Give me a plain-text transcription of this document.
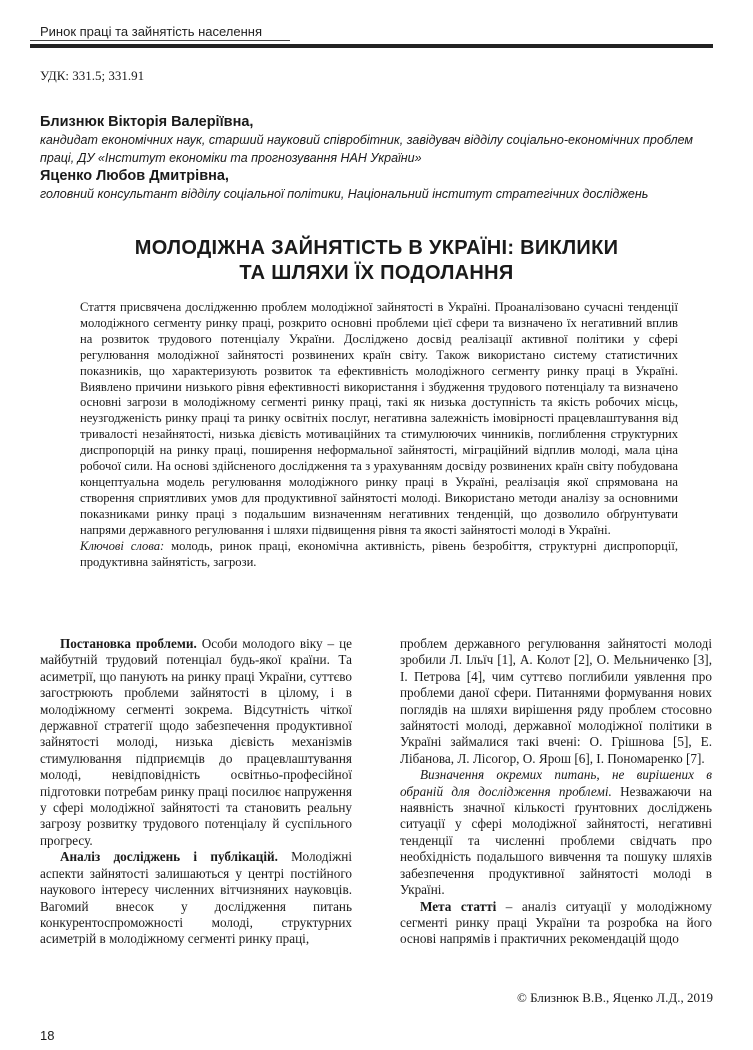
Ринок праці та зайнятість населення
УДК: 331.5; 331.91
Близнюк Вікторія Валеріївна,
кандидат економічних наук, старший науковий співробітник, завідувач відділу соціально-економічних проблем праці, ДУ «Інститут економіки та прогнозування НАН України»
Яценко Любов Дмитрівна,
головний консультант відділу соціальної політики, Національний інститут стратегічних досліджень
МОЛОДІЖНА ЗАЙНЯТІСТЬ В УКРАЇНІ: ВИКЛИКИ
ТА ШЛЯХИ ЇХ ПОДОЛАННЯ

Стаття присвячена дослідженню проблем молодіжної зайнятості в Україні. Проаналізовано сучасні тенденції молодіжного сегменту ринку праці, розкрито основні проблеми цієї сфери та визначено їх негативний вплив на розвиток трудового потенціалу України. Досліджено досвід реалізації активної політики у сфері регулювання молодіжної зайнятості розвинених країн світу. Також використано систему статистичних показників, що характеризують розвиток та ефективність молодіжного сегменту ринку праці в Україні. Виявлено причини низького рівня ефективності використання і збудження трудового потенціалу та визначено основні загрози в молодіжному сегменті ринку праці, такі як низька доступність та якість робочих місць, неузгодженість ринку праці та ринку освітніх послуг, негативна залежність імовірності працевлаштування від тривалості незайнятості, низька дієвість мотиваційних та стимулюючих чинників, поглиблення структурних диспропорцій на ринку праці, поширення неформальної зайнятості, міграційний відплив молоді, мала ціна робочої сили. На основі здійсненого дослідження та з урахуванням досвіду розвинених країн світу побудована концептуальна модель регулювання молодіжного ринку праці в Україні, реалізація якої спрямована на створення сприятливих умов для продуктивної зайнятості молоді. Використано методи аналізу за основними показниками ринку праці з подальшим визначенням негативних тенденцій, що дозволило обґрунтувати напрями державного регулювання і шляхи підвищення рівня та якості зайнятості молоді в Україні.

Ключові слова: молодь, ринок праці, економічна активність, рівень безробіття, структурні диспропорції, продуктивна зайнятість, загрози.

Постановка проблеми. Особи молодого віку – це майбутній трудовий потенціал будь-якої країни. Та асиметрії, що панують на ринку праці України, суттєво загострюють проблеми зайнятості в цілому, і в молодіжному сегменті зокрема. Відсутність чіткої державної стратегії щодо забезпечення продуктивної зайнятості молоді, низька дієвість механізмів стимулювання підприємців до працевлаштування молоді, невідповідність освітньо-професійної підготовки потребам ринку праці посилює напруження у сфері молодіжної зайнятості та становить реальну загрозу розвитку трудового потенціалу й суспільного прогресу.

Аналіз досліджень і публікацій. Молодіжні аспекти зайнятості залишаються у центрі постійного наукового інтересу численних вітчизняних науковців. Вагомий внесок у дослідження питань конкурентоспроможності молоді, структурних асиметрій в молодіжному сегменті ринку праці,

проблем державного регулювання зайнятості молоді зробили Л. Ільїч [1], А. Колот [2], О. Мельниченко [3], І. Петрова [4], чим суттєво поглибили уявлення про проблеми даної сфери. Питаннями формування нових поглядів на шляхи вирішення ряду проблем стосовно зайнятості молоді, державної молодіжної політики в Україні займалися такі вчені: О. Грішнова [5], Е. Лібанова, Л. Лісогор, О. Ярош [6], І. Пономаренко [7].

Визначення окремих питань, не вирішених в обраній для дослідження проблемі. Незважаючи на наявність значної кількості ґрунтовних досліджень ситуації у сфері молодіжної зайнятості, негативні тенденції та численні проблеми свідчать про необхідність подальшого вивчення та пошуку шляхів забезпечення продуктивної зайнятості молоді в Україні.

Мета статті – аналіз ситуації у молодіжному сегменті ринку праці України та розробка на його основі напрямів і практичних рекомендацій щодо

© Близнюк В.В., Яценко Л.Д., 2019
18
